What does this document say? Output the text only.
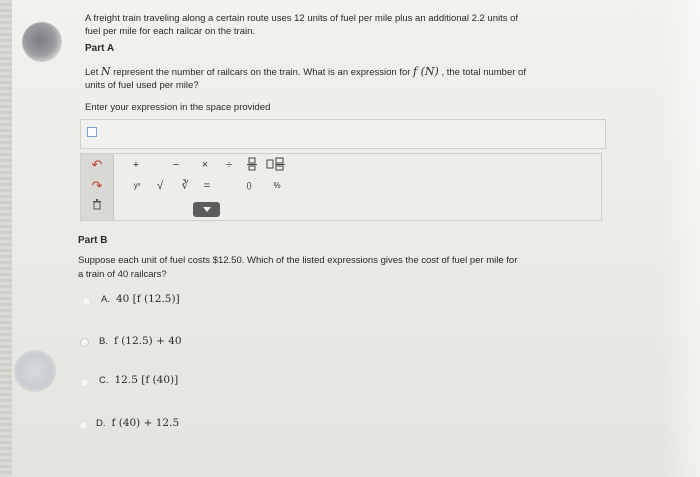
A freight train traveling along a certain route uses 12 units of fuel per mile plus an additional 2.2 units of
fuel per mile for each railcar on the train.
Part A
Let N represent the number of railcars on the train. What is an expression for f (N) , the total number of
units of fuel used per mile?
Enter your expression in the space provided
↶
↷
+	−	×	÷
yˣ	√	∛	=	()	%
Part B
Suppose each unit of fuel costs $12.50. Which of the listed expressions gives the cost of fuel per mile for
a train of 40 railcars?
A. 40 [f (12.5)]
B. f (12.5) + 40
C. 12.5 [f (40)]
D. f (40) + 12.5
